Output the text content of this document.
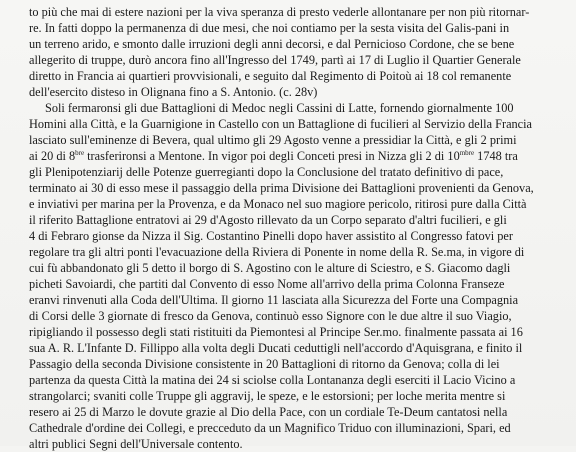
to più che mai di estere nazioni per la viva speranza di presto vederle allontanare per non più ritornar-
re. In fatti doppo la permanenza di due mesi, che noi contiamo per la sesta visita del Galis-pani in
un terreno arido, e smonto dalle irruzioni degli anni decorsi, e dal Pernicioso Cordone, che se bene
allegerito di truppe, durò ancora fino all'Ingresso del 1749, partì ai 17 di Luglio il Quartier Generale
diretto in Francia ai quartieri provvisionali, e seguito dal Regimento di Poitoù ai 18 col remanente
dell'esercito disteso in Olignana fino a S. Antonio. (c. 28v)
Soli fermaronsi gli due Battaglioni di Medoc negli Cassini di Latte, fornendo giornalmente 100
Homini alla Città, e la Guarnigione in Castello con un Battaglione di fucilieri al Servizio della Francia
lasciato sull'eminenze di Bevera, qual ultimo gli 29 Agosto venne a pressidiar la Città, e gli 2 primi
ai 20 di $8^{bre}$ trasferironsi a Mentone. In vigor poi degli Conceti presi in Nizza gli 2 di $10^{mbre}$ 1748 tra
gli Plenipotenziarij delle Potenze guerregianti dopo la Conclusione del tratato definitivo di pace,
terminato ai 30 di esso mese il passaggio della prima Divisione dei Battaglioni provenienti da Genova,
e inviativi per marina per la Provenza, e da Monaco nel suo magiore pericolo, ritirosi pure dalla Città
il riferito Battaglione entratovi ai 29 d'Agosto rillevato da un Corpo separato d'altri fucilieri, e gli
4 di Febraro gionse da Nizza il Sig. Costantino Pinelli dopo haver assistito al Congresso fatovi per
regolare tra gli altri ponti l'evacuazione della Riviera di Ponente in nome della R. Se.ma, in vigore di
cui fù abbandonato gli 5 detto il borgo di S. Agostino con le alture di Sciestro, e S. Giacomo dagli
picheti Savoiardi, che partiti dal Convento di esso Nome all'arrivo della prima Colonna Franseze
eranvi rinvenuti alla Coda dell'Ultima. Il giorno 11 lasciata alla Sicurezza del Forte una Compagnia
di Corsi delle 3 giornate di fresco da Genova, continuò esso Signore con le due altre il suo Viagio,
ripigliando il possesso degli stati ristituiti da Piemontesi al Principe Ser.mo. finalmente passata ai 16
sua A. R. L'Infante D. Fillippo alla volta degli Ducati ceduttigli nell'accordo d'Aquisgrana, e finito il
Passagio della seconda Divisione consistente in 20 Battaglioni di ritorno da Genova; colla di lei
partenza da questa Città la matina dei 24 si sciolse colla Lontananza degli eserciti il Lacio Vicino a
strangolarci; svaniti colle Truppe gli aggravij, le speze, e le estorsioni; per loche merita mentre si
resero ai 25 di Marzo le dovute grazie al Dio della Pace, con un cordiale Te-Deum cantatosi nella
Cathedrale d'ordine dei Collegi, e precceduto da un Magnifico Triduo con illuminazioni, Spari, ed
altri publici Segni dell'Universale contento.
